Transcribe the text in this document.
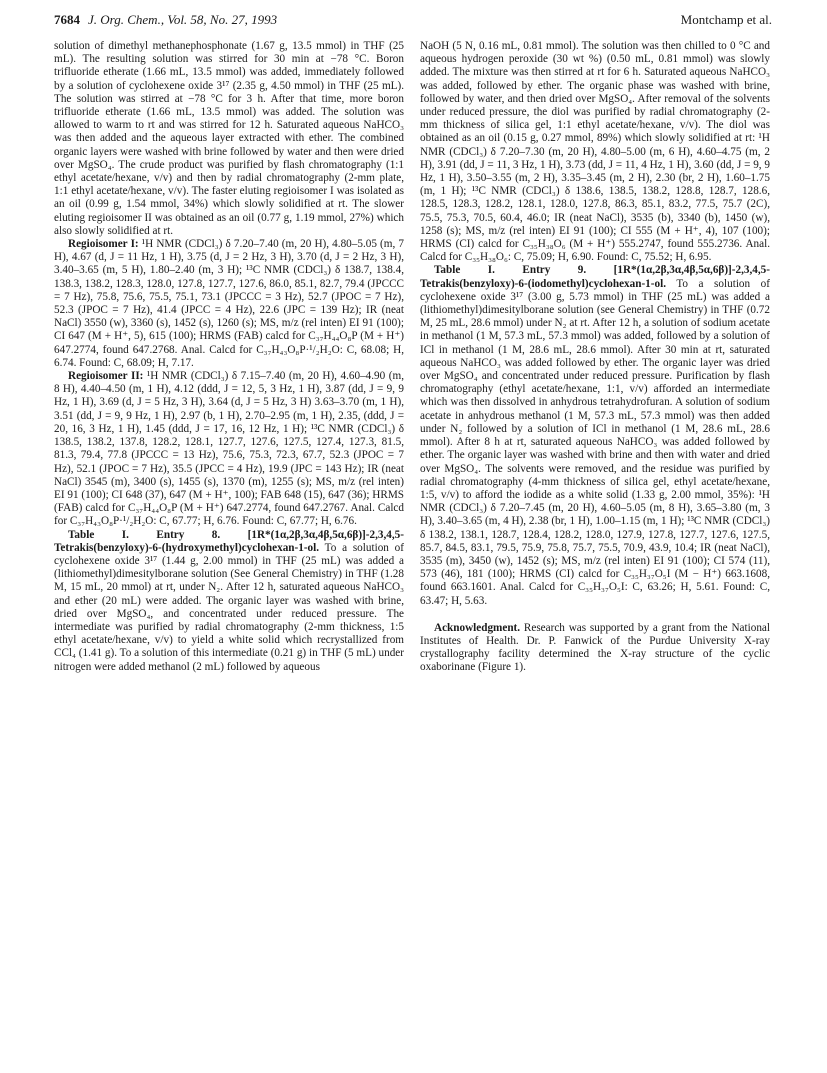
7684 J. Org. Chem., Vol. 58, No. 27, 1993	Montchamp et al.

solution of dimethyl methanephosphonate (1.67 g, 13.5 mmol) in THF (25 mL). The resulting solution was stirred for 30 min at −78 °C. Boron trifluoride etherate (1.66 mL, 13.5 mmol) was added, immediately followed by a solution of cyclohexene oxide 3¹⁷ (2.35 g, 4.50 mmol) in THF (25 mL). The solution was stirred at −78 °C for 3 h. After that time, more boron trifluoride etherate (1.66 mL, 13.5 mmol) was added. The solution was allowed to warm to rt and was stirred for 12 h. Saturated aqueous NaHCO₃ was then added and the aqueous layer extracted with ether. The combined organic layers were washed with brine followed by water and then were dried over MgSO₄. The crude product was purified by flash chromatography (1:1 ethyl acetate/hexane, v/v) and then by radial chromatography (2-mm plate, 1:1 ethyl acetate/hexane, v/v). The faster eluting regioisomer I was isolated as an oil (0.99 g, 1.54 mmol, 34%) which slowly solidified at rt. The slower eluting regioisomer II was obtained as an oil (0.77 g, 1.19 mmol, 27%) which also slowly solidified at rt.

Regioisomer I: ¹H NMR (CDCl₃) δ 7.20–7.40 (m, 20 H), 4.80–5.05 (m, 7 H), 4.67 (d, J = 11 Hz, 1 H), 3.75 (d, J = 2 Hz, 3 H), 3.70 (d, J = 2 Hz, 3 H), 3.40–3.65 (m, 5 H), 1.80–2.40 (m, 3 H); ¹³C NMR (CDCl₃) δ 138.7, 138.4, 138.3, 138.2, 128.3, 128.0, 127.8, 127.7, 127.6, 86.0, 85.1, 82.7, 79.4 (JPCCC = 7 Hz), 75.8, 75.6, 75.5, 75.1, 73.1 (JPCCC = 3 Hz), 52.7 (JPOC = 7 Hz), 52.3 (JPOC = 7 Hz), 41.4 (JPCC = 4 Hz), 22.6 (JPC = 139 Hz); IR (neat NaCl) 3550 (w), 3360 (s), 1452 (s), 1260 (s); MS, m/z (rel inten) EI 91 (100); CI 647 (M + H⁺, 5), 615 (100); HRMS (FAB) calcd for C₃₇H₄₄O₈P (M + H⁺) 647.2774, found 647.2768. Anal. Calcd for C₃₇H₄₃O₈P·¹/₂H₂O: C, 68.08; H, 6.74. Found: C, 68.09; H, 7.17.

Regioisomer II: ¹H NMR (CDCl₃) δ 7.15–7.40 (m, 20 H), 4.60–4.90 (m, 8 H), 4.40–4.50 (m, 1 H), 4.12 (ddd, J = 12, 5, 3 Hz, 1 H), 3.87 (dd, J = 9, 9 Hz, 1 H), 3.69 (d, J = 5 Hz, 3 H), 3.64 (d, J = 5 Hz, 3 H) 3.63–3.70 (m, 1 H), 3.51 (dd, J = 9, 9 Hz, 1 H), 2.97 (b, 1 H), 2.70–2.95 (m, 1 H), 2.35, (ddd, J = 20, 16, 3 Hz, 1 H), 1.45 (ddd, J = 17, 16, 12 Hz, 1 H); ¹³C NMR (CDCl₃) δ 138.5, 138.2, 137.8, 128.2, 128.1, 127.7, 127.6, 127.5, 127.4, 127.3, 81.5, 81.3, 79.4, 77.8 (JPCCC = 13 Hz), 75.6, 75.3, 72.3, 67.7, 52.3 (JPOC = 7 Hz), 52.1 (JPOC = 7 Hz), 35.5 (JPCC = 4 Hz), 19.9 (JPC = 143 Hz); IR (neat NaCl) 3545 (m), 3400 (s), 1455 (s), 1370 (m), 1255 (s); MS, m/z (rel inten) EI 91 (100); CI 648 (37), 647 (M + H⁺, 100); FAB 648 (15), 647 (36); HRMS (FAB) calcd for C₃₇H₄₄O₈P (M + H⁺) 647.2774, found 647.2767. Anal. Calcd for C₃₇H₄₃O₈P·¹/₂H₂O: C, 67.77; H, 6.76. Found: C, 67.77; H, 6.76.

Table I. Entry 8. [1R*(1α,2β,3α,4β,5α,6β)]-2,3,4,5-Tetrakis(benzyloxy)-6-(hydroxymethyl)cyclohexan-1-ol. To a solution of cyclohexene oxide 3¹⁷ (1.44 g, 2.00 mmol) in THF (25 mL) was added a (lithiomethyl)dimesitylborane solution (See General Chemistry) in THF (1.28 M, 15 mL, 20 mmol) at rt, under N₂. After 12 h, saturated aqueous NaHCO₃ and ether (20 mL) were added. The organic layer was washed with brine, dried over MgSO₄, and concentrated under reduced pressure. The intermediate was purified by radial chromatography (2-mm thickness, 1:5 ethyl acetate/hexane, v/v) to yield a white solid which recrystallized from CCl₄ (1.41 g). To a solution of this intermediate (0.21 g) in THF (5 mL) under nitrogen were added methanol (2 mL) followed by aqueous

NaOH (5 N, 0.16 mL, 0.81 mmol). The solution was then chilled to 0 °C and aqueous hydrogen peroxide (30 wt %) (0.50 mL, 0.81 mmol) was slowly added. The mixture was then stirred at rt for 6 h. Saturated aqueous NaHCO₃ was added, followed by ether. The organic phase was washed with brine, followed by water, and then dried over MgSO₄. After removal of the solvents under reduced pressure, the diol was purified by radial chromatography (2-mm thickness of silica gel, 1:1 ethyl acetate/hexane, v/v). The diol was obtained as an oil (0.15 g, 0.27 mmol, 89%) which slowly solidified at rt: ¹H NMR (CDCl₃) δ 7.20–7.30 (m, 20 H), 4.80–5.00 (m, 6 H), 4.60–4.75 (m, 2 H), 3.91 (dd, J = 11, 3 Hz, 1 H), 3.73 (dd, J = 11, 4 Hz, 1 H), 3.60 (dd, J = 9, 9 Hz, 1 H), 3.50–3.55 (m, 2 H), 3.35–3.45 (m, 2 H), 2.30 (br, 2 H), 1.60–1.75 (m, 1 H); ¹³C NMR (CDCl₃) δ 138.6, 138.5, 138.2, 128.8, 128.7, 128.6, 128.5, 128.3, 128.2, 128.1, 128.0, 127.8, 86.3, 85.1, 83.2, 77.5, 75.7 (2C), 75.5, 75.3, 70.5, 60.4, 46.0; IR (neat NaCl), 3535 (b), 3340 (b), 1450 (w), 1258 (s); MS, m/z (rel inten) EI 91 (100); CI 555 (M + H⁺, 4), 107 (100); HRMS (CI) calcd for C₃₅H₃₈O₆ (M + H⁺) 555.2747, found 555.2736. Anal. Calcd for C₃₅H₃₈O₆: C, 75.09; H, 6.90. Found: C, 75.52; H, 6.95.

Table I. Entry 9. [1R*(1α,2β,3α,4β,5α,6β)]-2,3,4,5-Tetrakis(benzyloxy)-6-(iodomethyl)cyclohexan-1-ol. To a solution of cyclohexene oxide 3¹⁷ (3.00 g, 5.73 mmol) in THF (25 mL) was added a (lithiomethyl)dimesitylborane solution (see General Chemistry) in THF (0.72 M, 25 mL, 28.6 mmol) under N₂ at rt. After 12 h, a solution of sodium acetate in methanol (1 M, 57.3 mL, 57.3 mmol) was added, followed by a solution of ICl in methanol (1 M, 28.6 mL, 28.6 mmol). After 30 min at rt, saturated aqueous NaHCO₃ was added followed by ether. The organic layer was dried over MgSO₄ and concentrated under reduced pressure. Purification by flash chromatography (ethyl acetate/hexane, 1:1, v/v) afforded an intermediate which was then dissolved in anhydrous tetrahydrofuran. A solution of sodium acetate in anhydrous methanol (1 M, 57.3 mL, 57.3 mmol) was then added under N₂ followed by a solution of ICl in methanol (1 M, 28.6 mL, 28.6 mmol). After 8 h at rt, saturated aqueous NaHCO₃ was added followed by ether. The organic layer was washed with brine and then with water and dried over MgSO₄. The solvents were removed, and the residue was purified by radial chromatography (4-mm thickness of silica gel, ethyl acetate/hexane, 1:5, v/v) to afford the iodide as a white solid (1.33 g, 2.00 mmol, 35%): ¹H NMR (CDCl₃) δ 7.20–7.45 (m, 20 H), 4.60–5.05 (m, 8 H), 3.65–3.80 (m, 3 H), 3.40–3.65 (m, 4 H), 2.38 (br, 1 H), 1.00–1.15 (m, 1 H); ¹³C NMR (CDCl₃) δ 138.2, 138.1, 128.7, 128.4, 128.2, 128.0, 127.9, 127.8, 127.7, 127.6, 127.5, 85.7, 84.5, 83.1, 79.5, 75.9, 75.8, 75.7, 75.5, 70.9, 43.9, 10.4; IR (neat NaCl), 3535 (m), 3450 (w), 1452 (s); MS, m/z (rel inten) EI 91 (100); CI 574 (11), 573 (46), 181 (100); HRMS (CI) calcd for C₃₅H₃₇O₅I (M − H⁺) 663.1608, found 663.1601. Anal. Calcd for C₃₅H₃₇O₅I: C, 63.26; H, 5.61. Found: C, 63.47; H, 5.63.

Acknowledgment. Research was supported by a grant from the National Institutes of Health. Dr. P. Fanwick of the Purdue University X-ray crystallography facility determined the X-ray structure of the cyclic oxaborinane (Figure 1).
